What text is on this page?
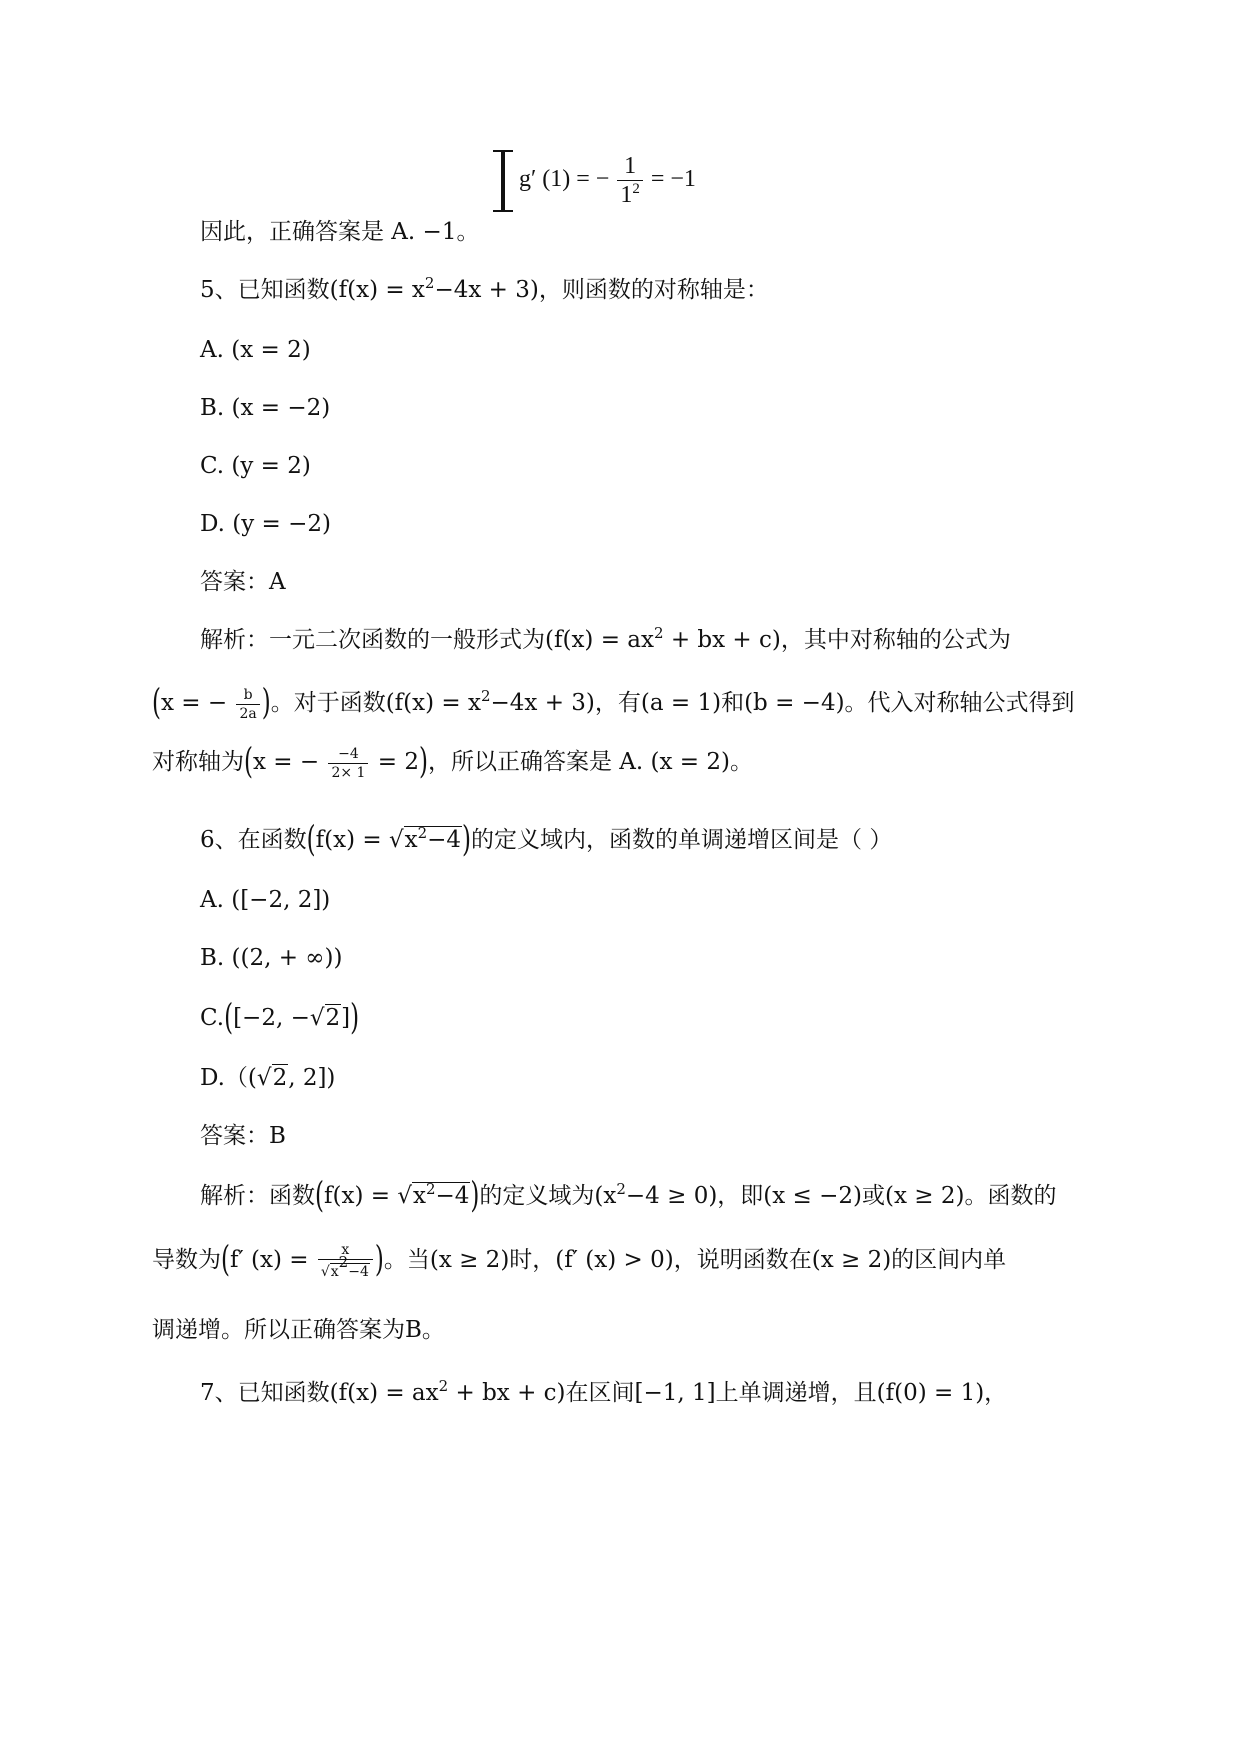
g′ (1) = − $\frac{1}{1^2} = -1$
因此，正确答案是 A. −1。
5、已知函数$(f(x) = x^2-4x + 3)$，则函数的对称轴是：
A. (x = 2)
B. (x = −2)
C. (y = 2)
D. (y = −2)
答案：A
解析：一元二次函数的一般形式为($f(x) = ax^2$ + bx + c)，其中对称轴的公式为
(x = − $\frac{b}{2a}$ )。对于函数$(f(x) = x^2-4x + 3)$，有(a = 1)和(b = −4)。代入对称轴公式得到
对称轴为(x = − $\frac{-4}{2\times 1} = 2$)，所以正确答案是 A. (x = 2)。
6、在函数$(f(x) = √x^2-4)$的定义域内，函数的单调递增区间是（ ）
A. ([−2, 2])
B. ((2, + ∞))
C.([−2, −√2])
D.（(√2, 2])
答案：B
解析：函数$(f(x) = √x^2-4)$的定义域为$(x^2-4 \ge 0)$，即(x ≤ −2)或(x ≥ 2)。函数的
导数为(f′ $(x) = \frac{x}{√x^2-4}$ )。当(x ≥ 2)时，(f′ (x) > 0)，说明函数在(x ≥ 2)的区间内单
调递增。所以正确答案为B。
7、已知函数($f(x) = ax^2$ + bx + c)在区间[−1, 1]上单调递增，且(f(0) = 1)，
